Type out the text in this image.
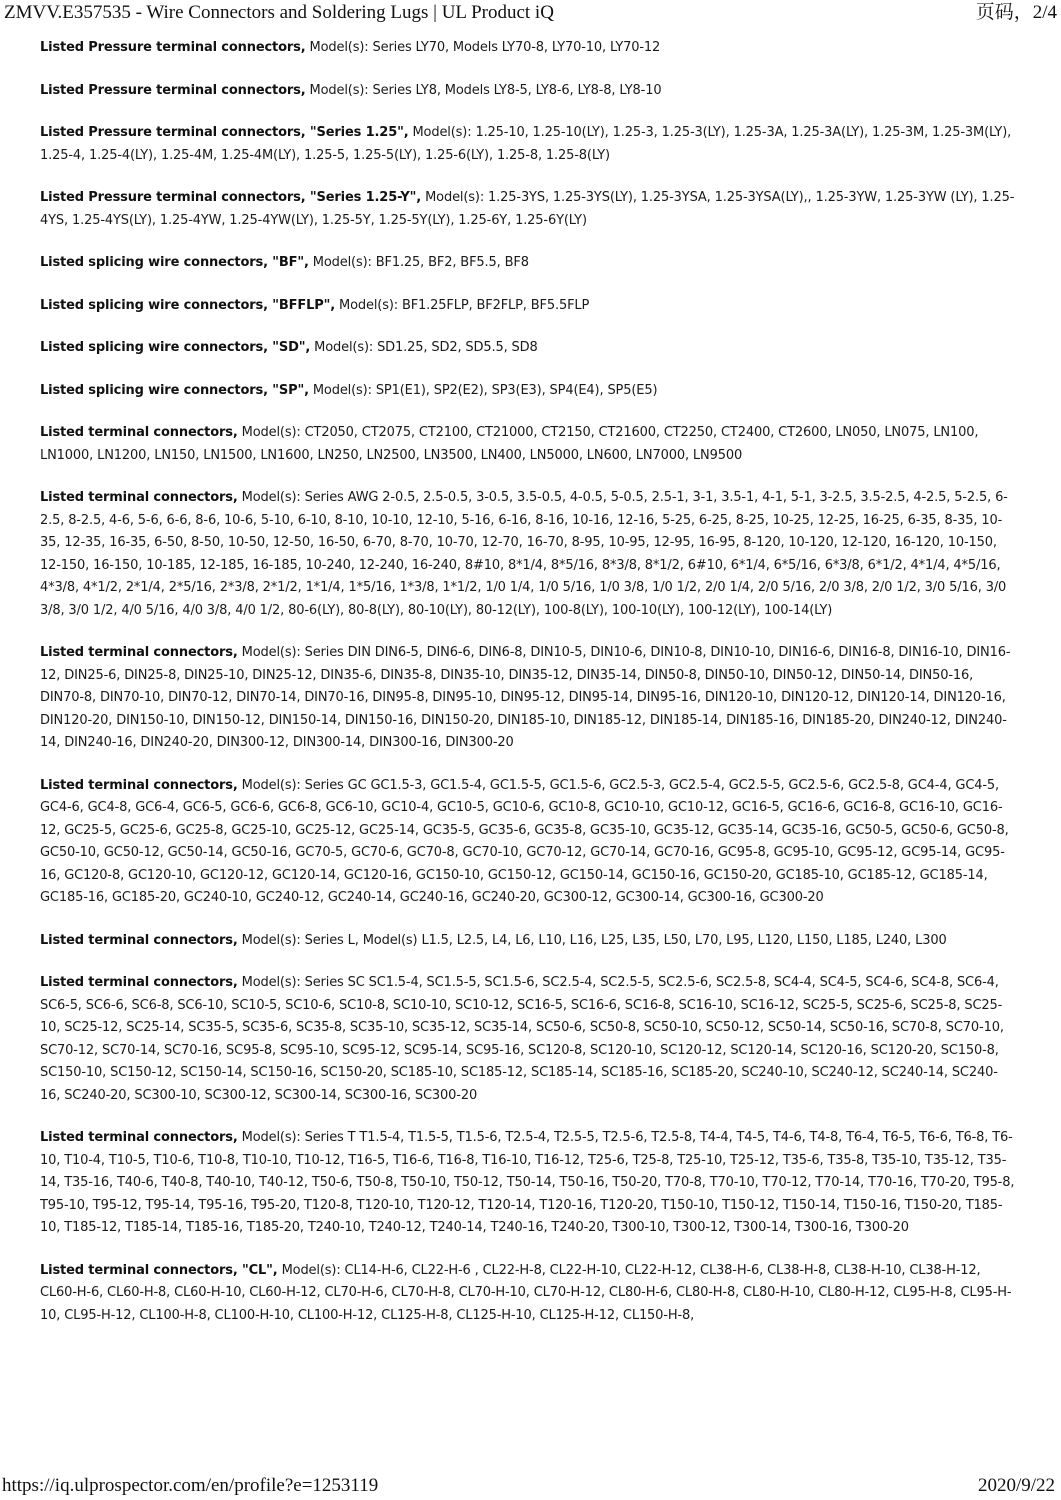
ZMVV.E357535 - Wire Connectors and Soldering Lugs | UL Product iQ	页码，2/4

Listed Pressure terminal connectors, Model(s): Series LY70, Models LY70-8, LY70-10, LY70-12

Listed Pressure terminal connectors, Model(s): Series LY8, Models LY8-5, LY8-6, LY8-8, LY8-10

Listed Pressure terminal connectors, "Series 1.25", Model(s): 1.25-10, 1.25-10(LY), 1.25-3, 1.25-3(LY), 1.25-3A, 1.25-3A(LY), 1.25-3M, 1.25-3M(LY), 1.25-4, 1.25-4(LY), 1.25-4M, 1.25-4M(LY), 1.25-5, 1.25-5(LY), 1.25-6(LY), 1.25-8, 1.25-8(LY)

Listed Pressure terminal connectors, "Series 1.25-Y", Model(s): 1.25-3YS, 1.25-3YS(LY), 1.25-3YSA, 1.25-3YSA(LY),, 1.25-3YW, 1.25-3YW (LY), 1.25-4YS, 1.25-4YS(LY), 1.25-4YW, 1.25-4YW(LY), 1.25-5Y, 1.25-5Y(LY), 1.25-6Y, 1.25-6Y(LY)

Listed splicing wire connectors, "BF", Model(s): BF1.25, BF2, BF5.5, BF8

Listed splicing wire connectors, "BFFLP", Model(s): BF1.25FLP, BF2FLP, BF5.5FLP

Listed splicing wire connectors, "SD", Model(s): SD1.25, SD2, SD5.5, SD8

Listed splicing wire connectors, "SP", Model(s): SP1(E1), SP2(E2), SP3(E3), SP4(E4), SP5(E5)

Listed terminal connectors, Model(s): CT2050, CT2075, CT2100, CT21000, CT2150, CT21600, CT2250, CT2400, CT2600, LN050, LN075, LN100, LN1000, LN1200, LN150, LN1500, LN1600, LN250, LN2500, LN3500, LN400, LN5000, LN600, LN7000, LN9500

Listed terminal connectors, Model(s): Series AWG 2-0.5, 2.5-0.5, 3-0.5, 3.5-0.5, 4-0.5, 5-0.5, 2.5-1, 3-1, 3.5-1, 4-1, 5-1, 3-2.5, 3.5-2.5, 4-2.5, 5-2.5, 6-2.5, 8-2.5, 4-6, 5-6, 6-6, 8-6, 10-6, 5-10, 6-10, 8-10, 10-10, 12-10, 5-16, 6-16, 8-16, 10-16, 12-16, 5-25, 6-25, 8-25, 10-25, 12-25, 16-25, 6-35, 8-35, 10-35, 12-35, 16-35, 6-50, 8-50, 10-50, 12-50, 16-50, 6-70, 8-70, 10-70, 12-70, 16-70, 8-95, 10-95, 12-95, 16-95, 8-120, 10-120, 12-120, 16-120, 10-150, 12-150, 16-150, 10-185, 12-185, 16-185, 10-240, 12-240, 16-240, 8#10, 8*1/4, 8*5/16, 8*3/8, 8*1/2, 6#10, 6*1/4, 6*5/16, 6*3/8, 6*1/2, 4*1/4, 4*5/16, 4*3/8, 4*1/2, 2*1/4, 2*5/16, 2*3/8, 2*1/2, 1*1/4, 1*5/16, 1*3/8, 1*1/2, 1/0 1/4, 1/0 5/16, 1/0 3/8, 1/0 1/2, 2/0 1/4, 2/0 5/16, 2/0 3/8, 2/0 1/2, 3/0 5/16, 3/0 3/8, 3/0 1/2, 4/0 5/16, 4/0 3/8, 4/0 1/2, 80-6(LY), 80-8(LY), 80-10(LY), 80-12(LY), 100-8(LY), 100-10(LY), 100-12(LY), 100-14(LY)

Listed terminal connectors, Model(s): Series DIN DIN6-5, DIN6-6, DIN6-8, DIN10-5, DIN10-6, DIN10-8, DIN10-10, DIN16-6, DIN16-8, DIN16-10, DIN16-12, DIN25-6, DIN25-8, DIN25-10, DIN25-12, DIN35-6, DIN35-8, DIN35-10, DIN35-12, DIN35-14, DIN50-8, DIN50-10, DIN50-12, DIN50-14, DIN50-16, DIN70-8, DIN70-10, DIN70-12, DIN70-14, DIN70-16, DIN95-8, DIN95-10, DIN95-12, DIN95-14, DIN95-16, DIN120-10, DIN120-12, DIN120-14, DIN120-16, DIN120-20, DIN150-10, DIN150-12, DIN150-14, DIN150-16, DIN150-20, DIN185-10, DIN185-12, DIN185-14, DIN185-16, DIN185-20, DIN240-12, DIN240-14, DIN240-16, DIN240-20, DIN300-12, DIN300-14, DIN300-16, DIN300-20

Listed terminal connectors, Model(s): Series GC GC1.5-3, GC1.5-4, GC1.5-5, GC1.5-6, GC2.5-3, GC2.5-4, GC2.5-5, GC2.5-6, GC2.5-8, GC4-4, GC4-5, GC4-6, GC4-8, GC6-4, GC6-5, GC6-6, GC6-8, GC6-10, GC10-4, GC10-5, GC10-6, GC10-8, GC10-10, GC10-12, GC16-5, GC16-6, GC16-8, GC16-10, GC16-12, GC25-5, GC25-6, GC25-8, GC25-10, GC25-12, GC25-14, GC35-5, GC35-6, GC35-8, GC35-10, GC35-12, GC35-14, GC35-16, GC50-5, GC50-6, GC50-8, GC50-10, GC50-12, GC50-14, GC50-16, GC70-5, GC70-6, GC70-8, GC70-10, GC70-12, GC70-14, GC70-16, GC95-8, GC95-10, GC95-12, GC95-14, GC95-16, GC120-8, GC120-10, GC120-12, GC120-14, GC120-16, GC150-10, GC150-12, GC150-14, GC150-16, GC150-20, GC185-10, GC185-12, GC185-14, GC185-16, GC185-20, GC240-10, GC240-12, GC240-14, GC240-16, GC240-20, GC300-12, GC300-14, GC300-16, GC300-20

Listed terminal connectors, Model(s): Series L, Model(s) L1.5, L2.5, L4, L6, L10, L16, L25, L35, L50, L70, L95, L120, L150, L185, L240, L300

Listed terminal connectors, Model(s): Series SC SC1.5-4, SC1.5-5, SC1.5-6, SC2.5-4, SC2.5-5, SC2.5-6, SC2.5-8, SC4-4, SC4-5, SC4-6, SC4-8, SC6-4, SC6-5, SC6-6, SC6-8, SC6-10, SC10-5, SC10-6, SC10-8, SC10-10, SC10-12, SC16-5, SC16-6, SC16-8, SC16-10, SC16-12, SC25-5, SC25-6, SC25-8, SC25-10, SC25-12, SC25-14, SC35-5, SC35-6, SC35-8, SC35-10, SC35-12, SC35-14, SC50-6, SC50-8, SC50-10, SC50-12, SC50-14, SC50-16, SC70-8, SC70-10, SC70-12, SC70-14, SC70-16, SC95-8, SC95-10, SC95-12, SC95-14, SC95-16, SC120-8, SC120-10, SC120-12, SC120-14, SC120-16, SC120-20, SC150-8, SC150-10, SC150-12, SC150-14, SC150-16, SC150-20, SC185-10, SC185-12, SC185-14, SC185-16, SC185-20, SC240-10, SC240-12, SC240-14, SC240-16, SC240-20, SC300-10, SC300-12, SC300-14, SC300-16, SC300-20

Listed terminal connectors, Model(s): Series T T1.5-4, T1.5-5, T1.5-6, T2.5-4, T2.5-5, T2.5-6, T2.5-8, T4-4, T4-5, T4-6, T4-8, T6-4, T6-5, T6-6, T6-8, T6-10, T10-4, T10-5, T10-6, T10-8, T10-10, T10-12, T16-5, T16-6, T16-8, T16-10, T16-12, T25-6, T25-8, T25-10, T25-12, T35-6, T35-8, T35-10, T35-12, T35-14, T35-16, T40-6, T40-8, T40-10, T40-12, T50-6, T50-8, T50-10, T50-12, T50-14, T50-16, T50-20, T70-8, T70-10, T70-12, T70-14, T70-16, T70-20, T95-8, T95-10, T95-12, T95-14, T95-16, T95-20, T120-8, T120-10, T120-12, T120-14, T120-16, T120-20, T150-10, T150-12, T150-14, T150-16, T150-20, T185-10, T185-12, T185-14, T185-16, T185-20, T240-10, T240-12, T240-14, T240-16, T240-20, T300-10, T300-12, T300-14, T300-16, T300-20

Listed terminal connectors, "CL", Model(s): CL14-H-6, CL22-H-6 , CL22-H-8, CL22-H-10, CL22-H-12, CL38-H-6, CL38-H-8, CL38-H-10, CL38-H-12, CL60-H-6, CL60-H-8, CL60-H-10, CL60-H-12, CL70-H-6, CL70-H-8, CL70-H-10, CL70-H-12, CL80-H-6, CL80-H-8, CL80-H-10, CL80-H-12, CL95-H-8, CL95-H-10, CL95-H-12, CL100-H-8, CL100-H-10, CL100-H-12, CL125-H-8, CL125-H-10, CL125-H-12, CL150-H-8,

https://iq.ulprospector.com/en/profile?e=1253119	2020/9/22
